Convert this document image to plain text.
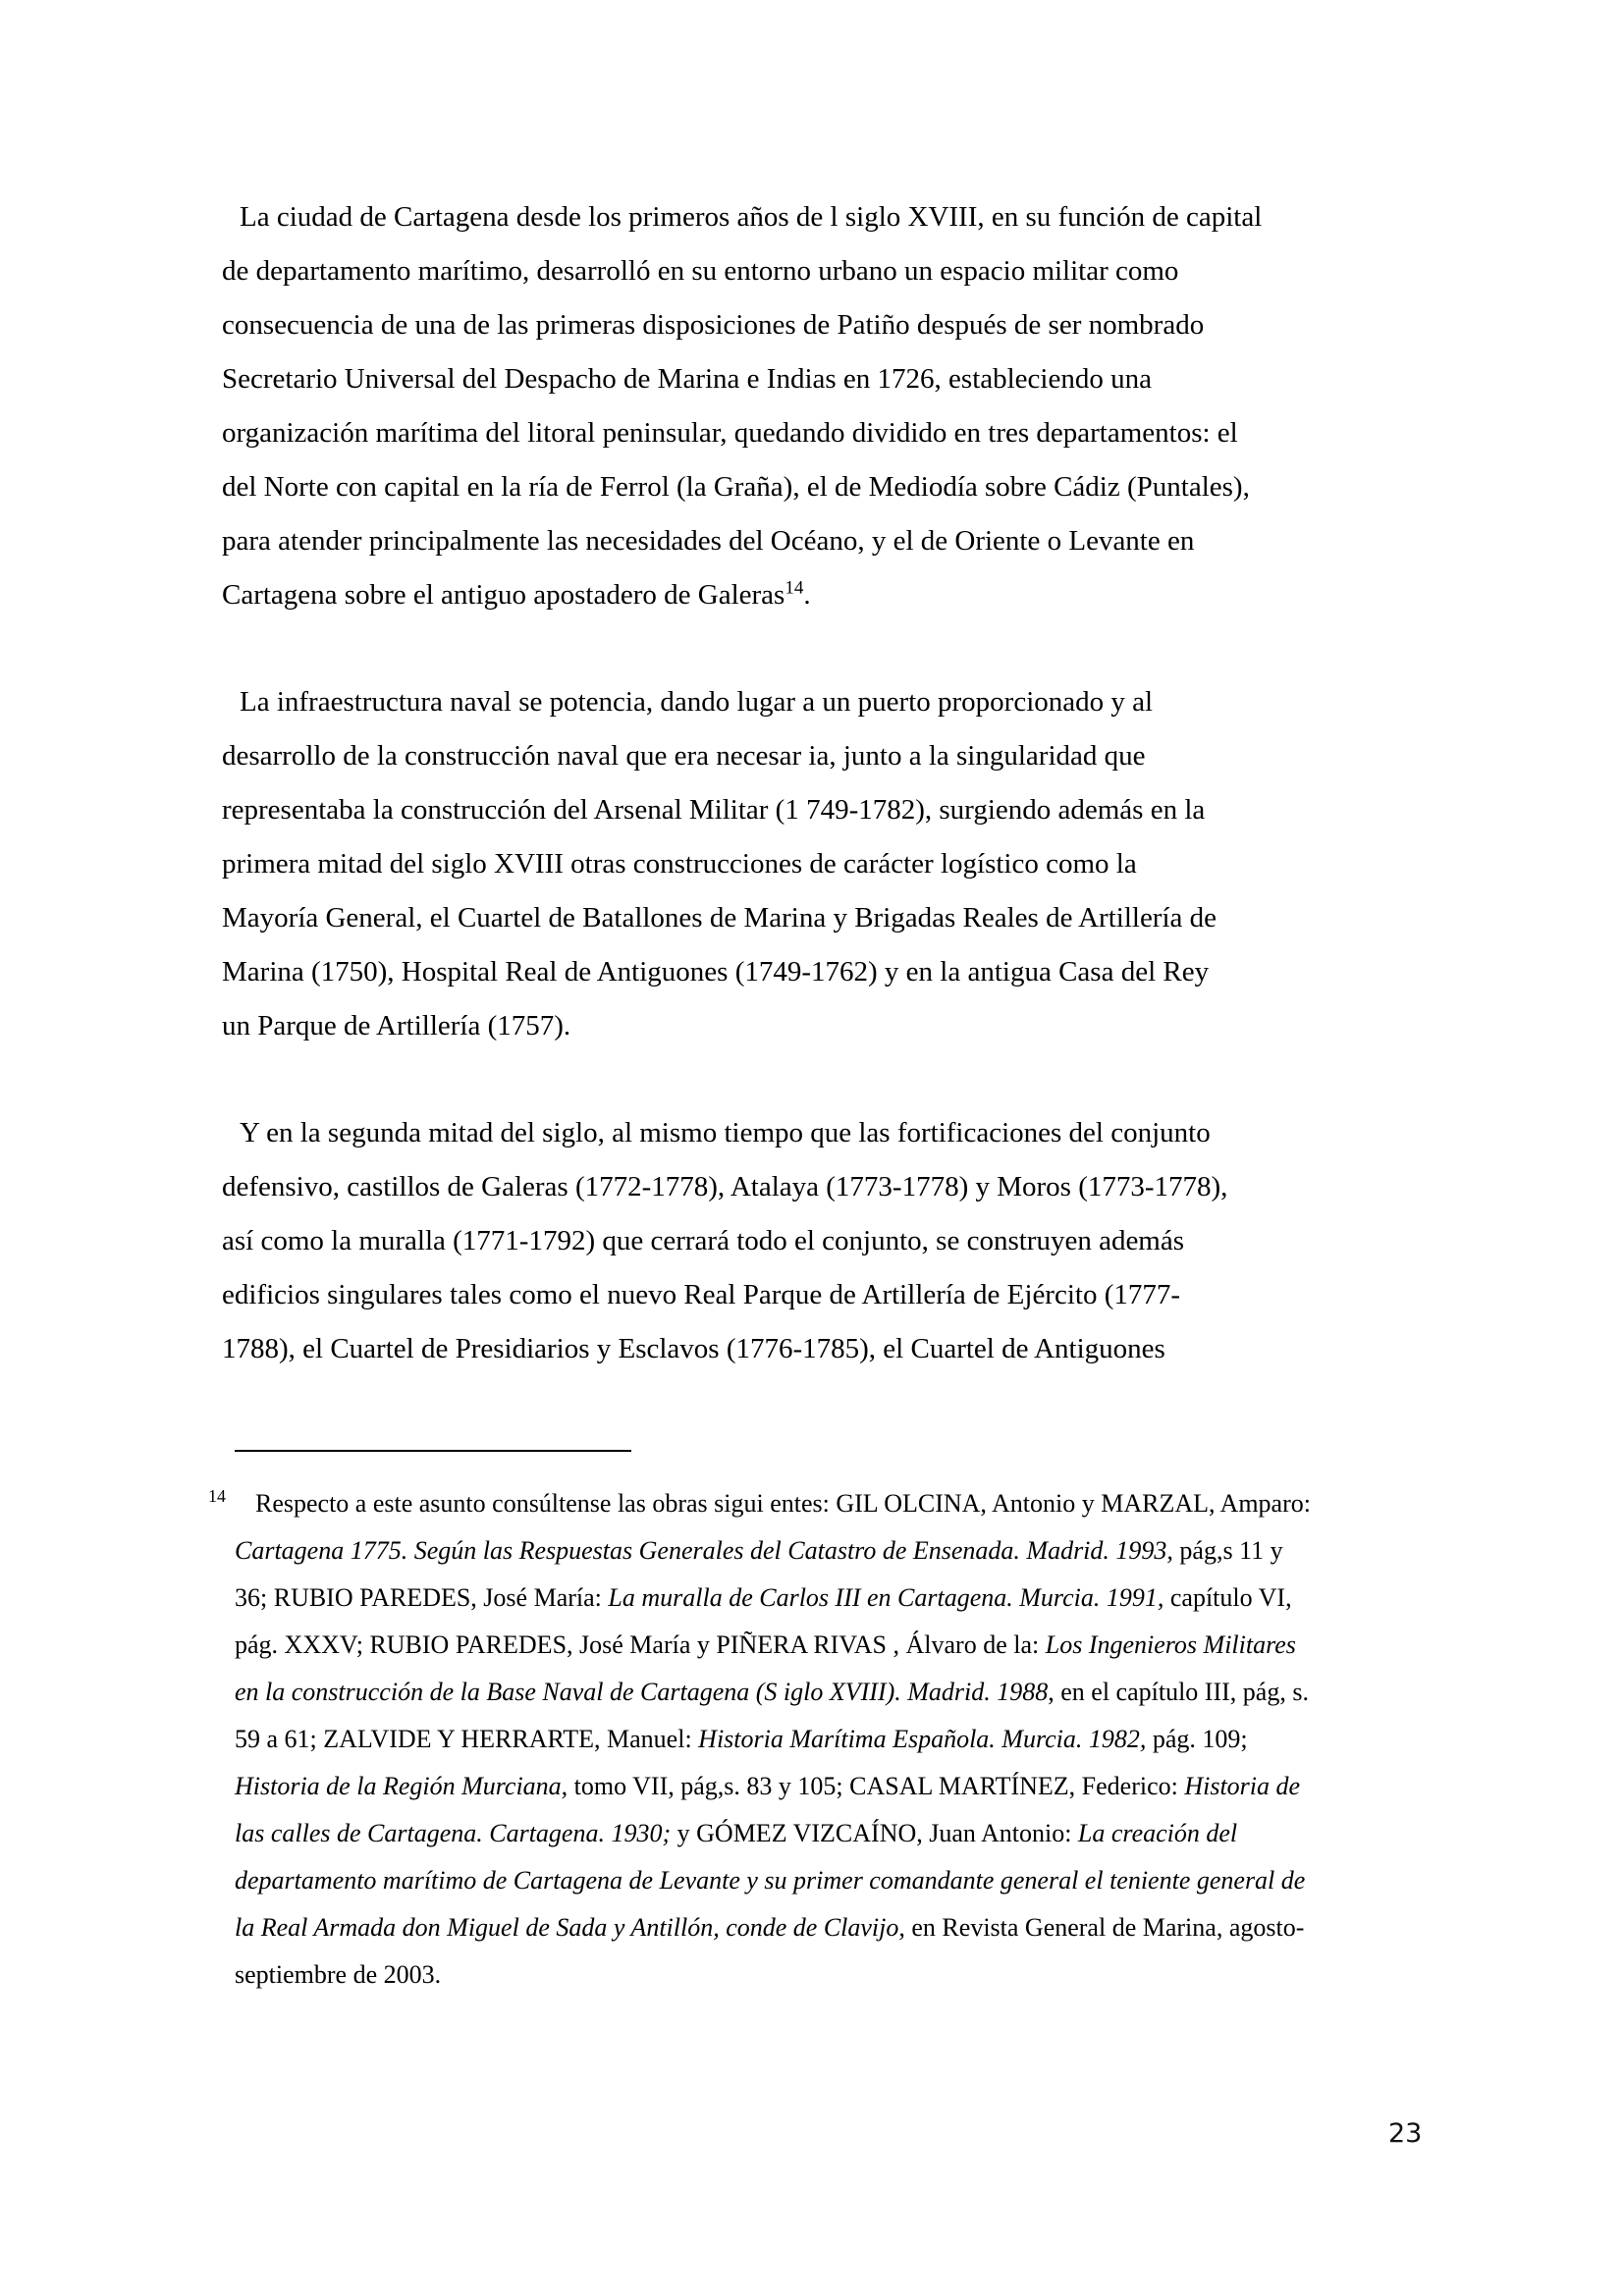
La ciudad de Cartagena desde los primeros años de l siglo XVIII, en su función de capital
de departamento marítimo, desarrolló en su entorno urbano un espacio militar como
consecuencia de una de las primeras disposiciones de Patiño después de ser nombrado
Secretario Universal del Despacho de Marina e Indias en 1726, estableciendo una
organización marítima del litoral peninsular, quedando dividido en tres departamentos: el
del Norte con capital en la ría de Ferrol (la Graña), el de Mediodía sobre Cádiz (Puntales),
para atender principalmente las necesidades del Océano, y el de Oriente o Levante en
Cartagena sobre el antiguo apostadero de Galeras$^{14}$.
La infraestructura naval se potencia, dando lugar a un puerto proporcionado y al
desarrollo de la construcción naval que era necesar ia, junto a la singularidad que
representaba la construcción del Arsenal Militar (1 749-1782), surgiendo además en la
primera mitad del siglo XVIII otras construcciones de carácter logístico como la
Mayoría General, el Cuartel de Batallones de Marina y Brigadas Reales de Artillería de
Marina (1750), Hospital Real de Antiguones (1749-1762) y en la antigua Casa del Rey
un Parque de Artillería (1757).
Y en la segunda mitad del siglo, al mismo tiempo que las fortificaciones del conjunto
defensivo, castillos de Galeras (1772-1778), Atalaya (1773-1778) y Moros (1773-1778),
así como la muralla (1771-1792) que cerrará todo el conjunto, se construyen además
edificios singulares tales como el nuevo Real Parque de Artillería de Ejército (1777-
1788), el Cuartel de Presidiarios y Esclavos (1776-1785), el Cuartel de Antiguones
$^{14}$ Respecto a este asunto consúltense las obras sigui entes: GIL OLCINA, Antonio y MARZAL, Amparo:
Cartagena 1775. Según las Respuestas Generales del Catastro de Ensenada. Madrid. 1993, pág,s 11 y
36; RUBIO PAREDES, José María: La muralla de Carlos III en Cartagena. Murcia. 1991, capítulo VI,
pág. XXXV; RUBIO PAREDES, José María y PIÑERA RIVAS , Álvaro de la: Los Ingenieros Militares
en la construcción de la Base Naval de Cartagena (S iglo XVIII). Madrid. 1988, en el capítulo III, pág, s.
59 a 61; ZALVIDE Y HERRARTE, Manuel: Historia Marítima Española. Murcia. 1982, pág. 109;
Historia de la Región Murciana, tomo VII, pág,s. 83 y 105; CASAL MARTÍNEZ, Federico: Historia de
las calles de Cartagena. Cartagena. 1930; y GÓMEZ VIZCAÍNO, Juan Antonio: La creación del
departamento marítimo de Cartagena de Levante y su primer comandante general el teniente general de
la Real Armada don Miguel de Sada y Antillón, conde de Clavijo, en Revista General de Marina, agosto-
septiembre de 2003.
23
